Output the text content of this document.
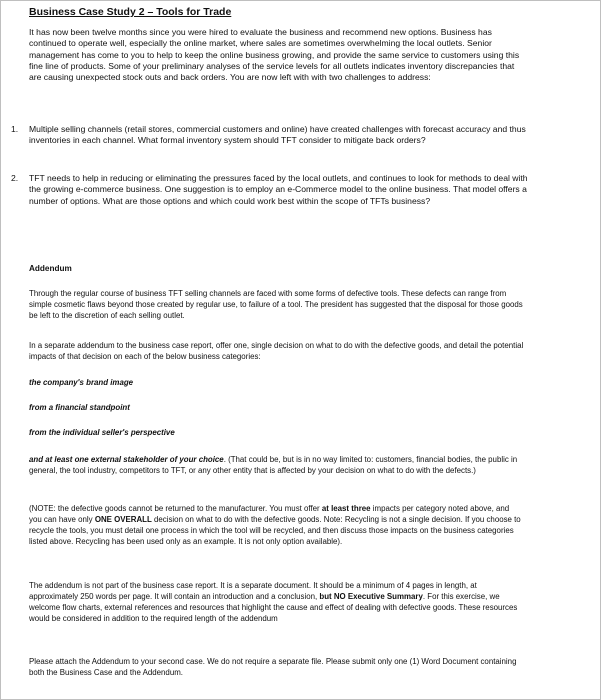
Business Case Study 2 – Tools for Trade

It has now been twelve months since you were hired to evaluate the business and recommend new options. Business has continued to operate well, especially the online market, where sales are sometimes overwhelming the local outlets. Senior management has come to you to help to keep the online business growing, and provide the same service to customers using this fine line of products. Some of your preliminary analyses of the service levels for all outlets indicates inventory discrepancies that are causing unexpected stock outs and back orders. You are now left with with two challenges to address:

1. Multiple selling channels (retail stores, commercial customers and online) have created challenges with forecast accuracy and thus inventories in each channel. What formal inventory system should TFT consider to mitigate back orders?
2. TFT needs to help in reducing or eliminating the pressures faced by the local outlets, and continues to look for methods to deal with the growing e-commerce business. One suggestion is to employ an e-Commerce model to the online business. That model offers a number of options. What are those options and which could work best within the scope of TFTs business?

Addendum

Through the regular course of business TFT selling channels are faced with some forms of defective tools. These defects can range from simple cosmetic flaws beyond those created by regular use, to failure of a tool. The president has suggested that the disposal for those goods be left to the discretion of each selling outlet.

In a separate addendum to the business case report, offer one, single decision on what to do with the defective goods, and detail the potential impacts of that decision on each of the below business categories:

the company's brand image

from a financial standpoint

from the individual seller's perspective

and at least one external stakeholder of your choice. (That could be, but is in no way limited to: customers, financial bodies, the public in general, the tool industry, competitors to TFT, or any other entity that is affected by your decision on what to do with the defects.)

(NOTE: the defective goods cannot be returned to the manufacturer. You must offer at least three impacts per category noted above, and you can have only ONE OVERALL decision on what to do with the defective goods. Note: Recycling is not a single decision. If you choose to recycle the tools, you must detail one process in which the tool will be recycled, and then discuss those impacts on the business categories listed above. Recycling has been used only as an example. It is not only option available).

The addendum is not part of the business case report. It is a separate document. It should be a minimum of 4 pages in length, at approximately 250 words per page. It will contain an introduction and a conclusion, but NO Executive Summary. For this exercise, we welcome flow charts, external references and resources that highlight the cause and effect of dealing with defective goods. These resources would be considered in addition to the required length of the addendum

Please attach the Addendum to your second case. We do not require a separate file. Please submit only one (1) Word Document containing both the Business Case and the Addendum.
